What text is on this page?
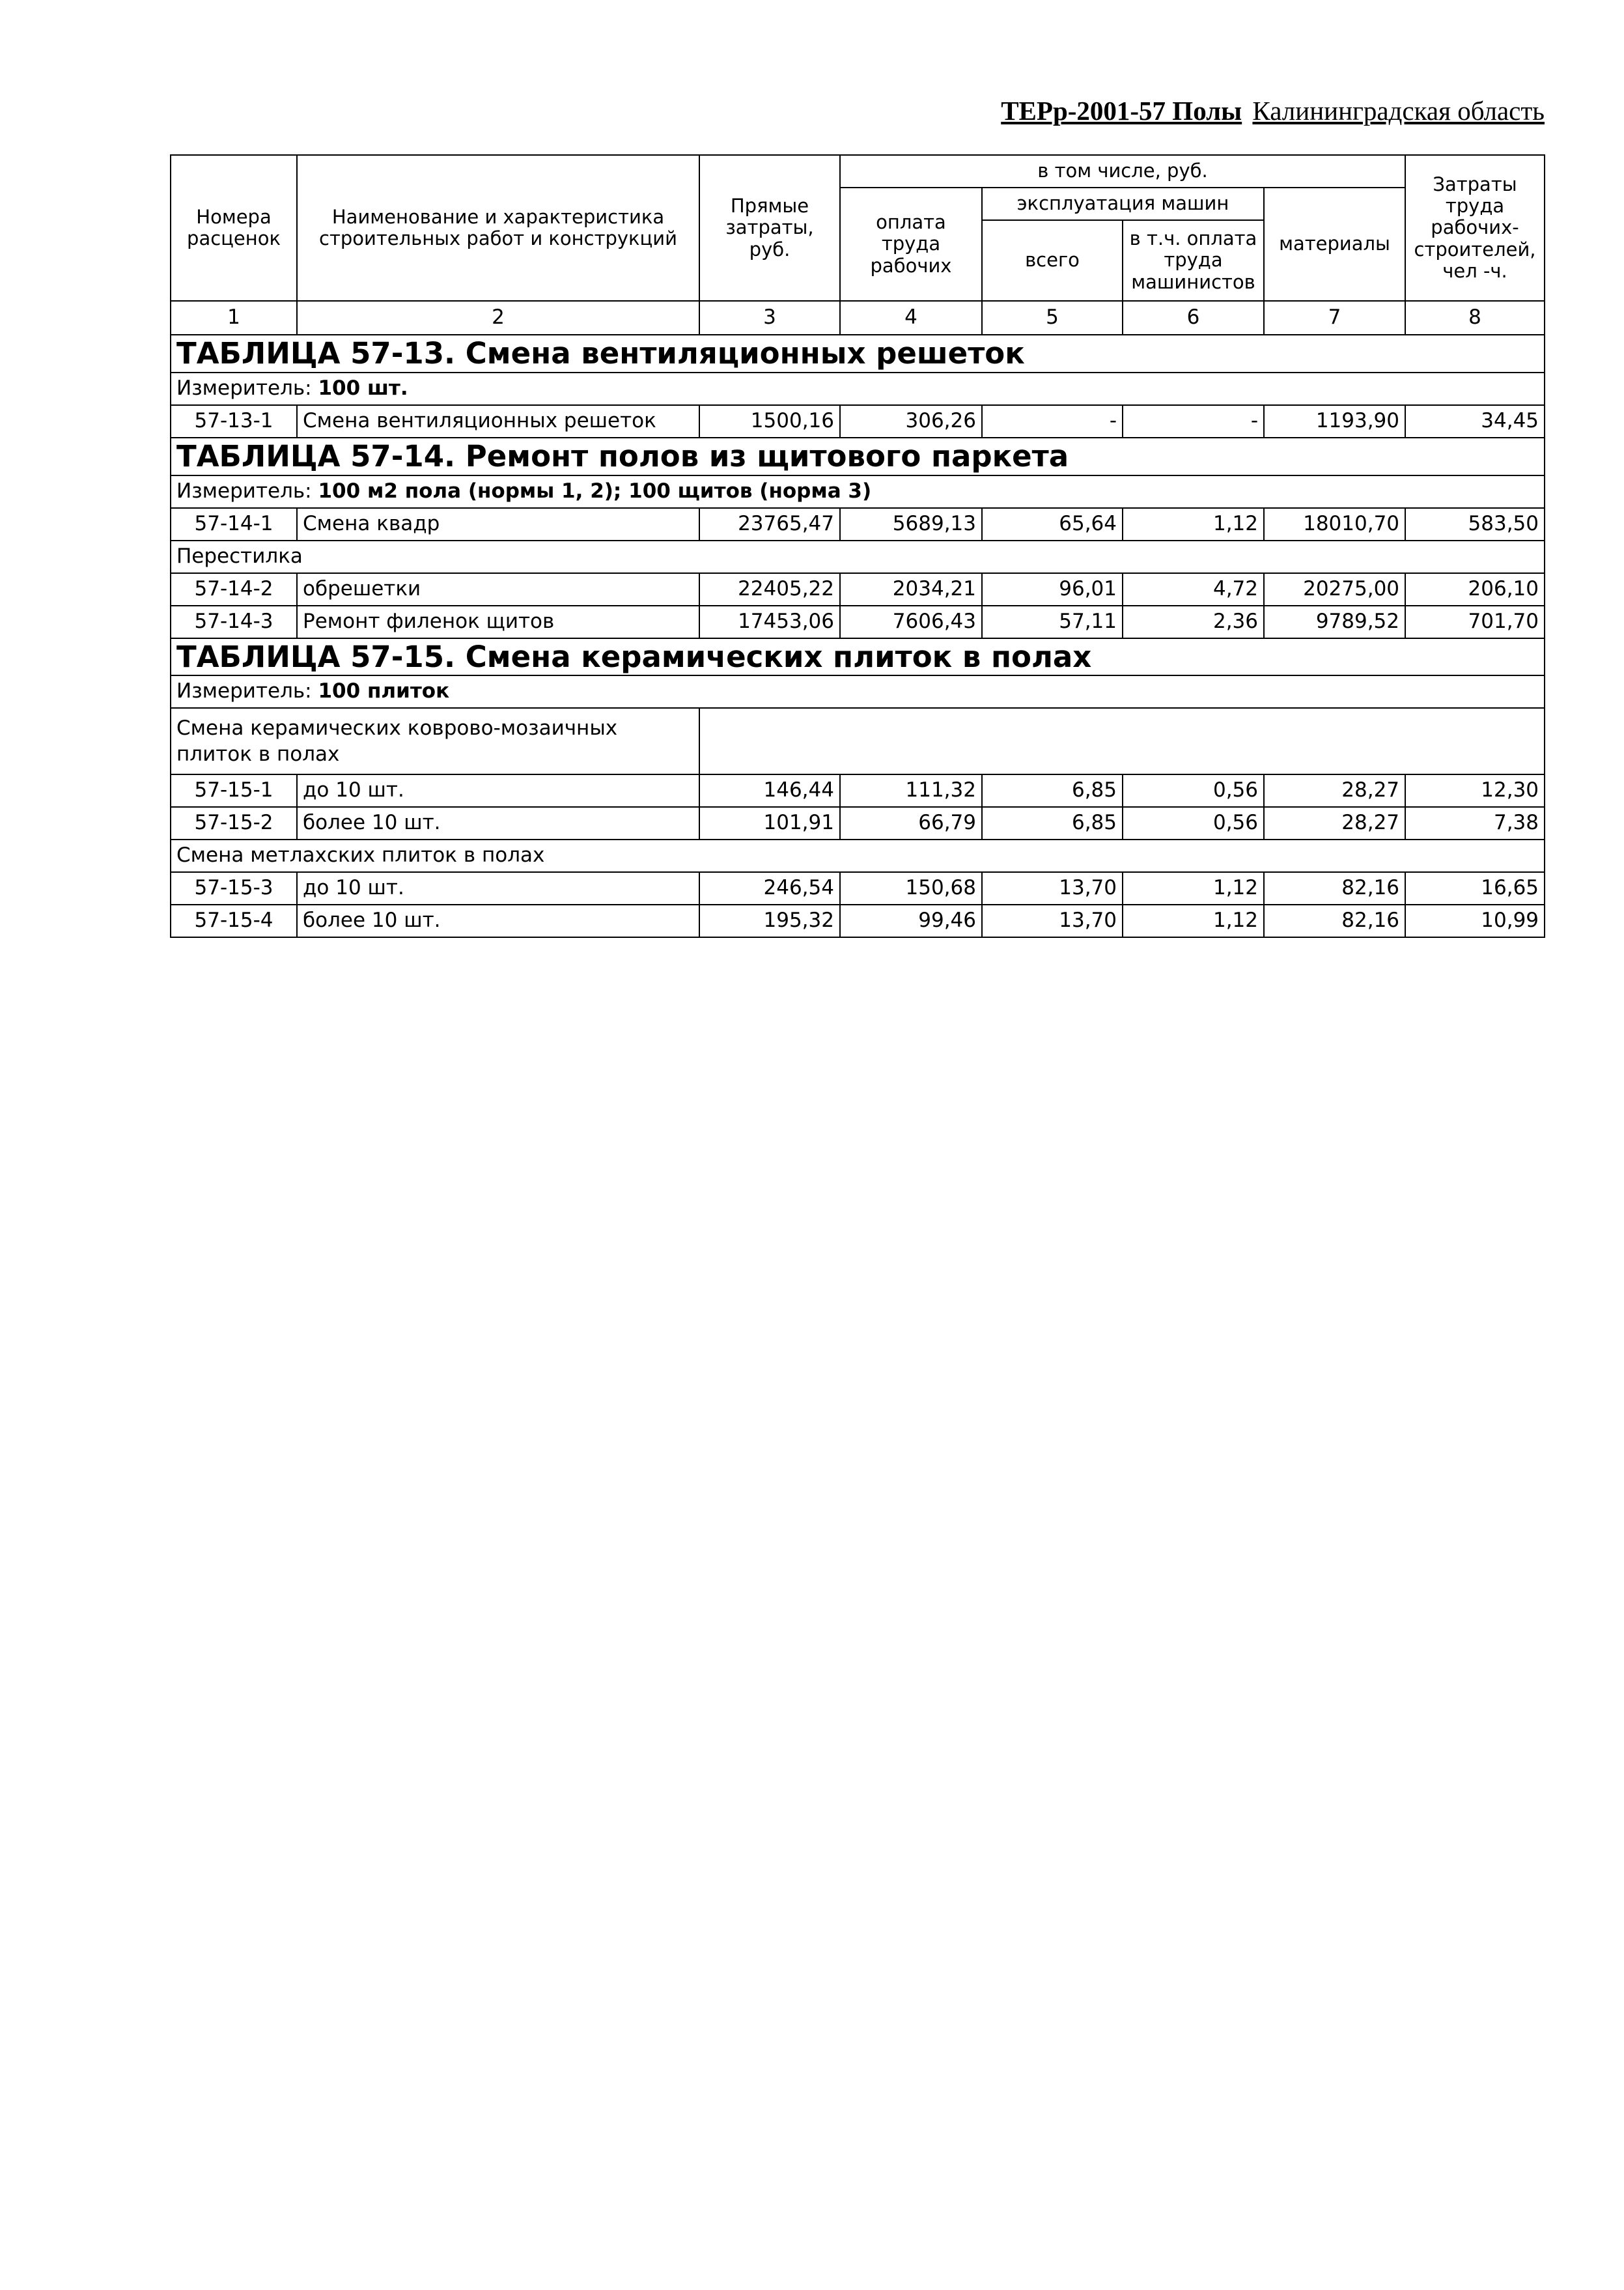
ТЕРр-2001-57 Полы Калининградская область
Номера расценок	Наименование и характеристика строительных работ и конструкций	Прямые затраты, руб.	в том числе, руб.				Затраты труда рабочих-строителей, чел -ч.
			оплата труда рабочих	эксплуатация машин		материалы	
				всего	в т.ч. оплата труда машинистов		
1	2	3	4	5	6	7	8
ТАБЛИЦА 57-13. Смена вентиляционных решеток							
Измеритель: 100 шт.							
57-13-1	Смена вентиляционных решеток	1500,16	306,26	-	-	1193,90	34,45
ТАБЛИЦА 57-14. Ремонт полов из щитового паркета							
Измеритель: 100 м2 пола (нормы 1, 2); 100 щитов (норма 3)							
57-14-1	Смена квадр	23765,47	5689,13	65,64	1,12	18010,70	583,50
Перестилка							
57-14-2	обрешетки	22405,22	2034,21	96,01	4,72	20275,00	206,10
57-14-3	Ремонт филенок щитов	17453,06	7606,43	57,11	2,36	9789,52	701,70
ТАБЛИЦА 57-15. Смена керамических плиток в полах							
Измеритель: 100 плиток							
Смена керамических коврово-мозаичных плиток в полах							
57-15-1	до 10 шт.	146,44	111,32	6,85	0,56	28,27	12,30
57-15-2	более 10 шт.	101,91	66,79	6,85	0,56	28,27	7,38
Смена метлахских плиток в полах							
57-15-3	до 10 шт.	246,54	150,68	13,70	1,12	82,16	16,65
57-15-4	более 10 шт.	195,32	99,46	13,70	1,12	82,16	10,99
